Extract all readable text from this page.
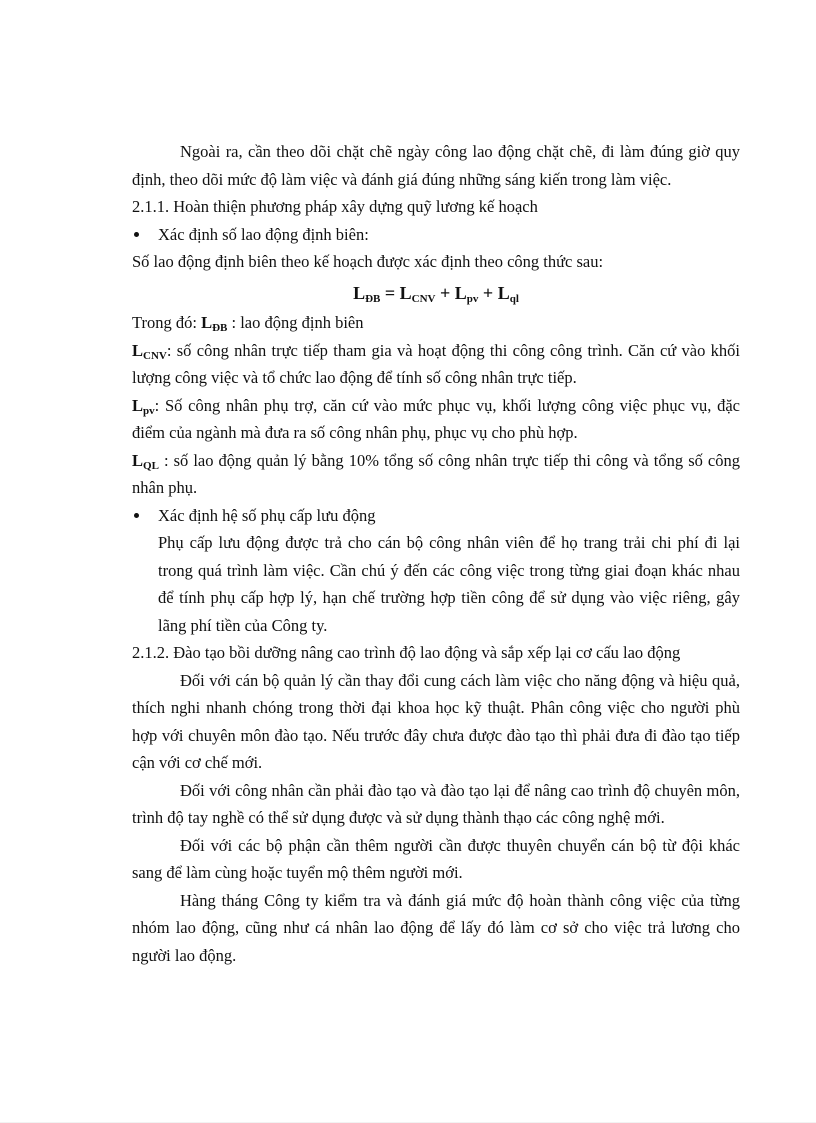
Ngoài ra, cần theo dõi chặt chẽ ngày công lao động chặt chẽ, đi làm đúng giờ quy định, theo dõi mức độ làm việc và đánh giá đúng những sáng kiến trong làm việc.

2.1.1. Hoàn thiện phương pháp xây dựng quỹ lương kế hoạch

Xác định số lao động định biên:

Số lao động định biên theo kế hoạch được xác định theo công thức sau:

$L_{ĐB} = L_{CNV} + L_{pv} + L_{ql}$

Trong đó: $L_{ĐB}$ : lao động định biên

$L_{CNV}$: số công nhân trực tiếp tham gia và hoạt động thi công công trình. Căn cứ vào khối lượng công việc và tổ chức lao động để tính số công nhân trực tiếp.

$L_{pv}$: Số công nhân phụ trợ, căn cứ vào mức phục vụ, khối lượng công việc phục vụ, đặc điểm của ngành mà đưa ra số công nhân phụ, phục vụ cho phù hợp.

$L_{QL}$ : số lao động quản lý bằng 10% tổng số công nhân trực tiếp thi công và tổng số công nhân phụ.

Xác định hệ số phụ cấp lưu động

Phụ cấp lưu động được trả cho cán bộ công nhân viên để họ trang trải chi phí đi lại trong quá trình làm việc. Cần chú ý đến các công việc trong từng giai đoạn khác nhau để tính phụ cấp hợp lý, hạn chế trường hợp tiền công để sử dụng vào việc riêng, gây lãng phí tiền của Công ty.

2.1.2. Đào tạo bồi dưỡng nâng cao trình độ lao động và sắp xếp lại cơ cấu lao động

Đối với cán bộ quản lý cần thay đổi cung cách làm việc cho năng động và hiệu quả, thích nghi nhanh chóng trong thời đại khoa học kỹ thuật. Phân công việc cho người phù hợp với chuyên môn đào tạo. Nếu trước đây chưa được đào tạo thì phải đưa đi đào tạo tiếp cận với cơ chế mới.

Đối với công nhân cần phải đào tạo và đào tạo lại để nâng cao trình độ chuyên môn, trình độ tay nghề có thể sử dụng được và sử dụng thành thạo các công nghệ mới.

Đối với các bộ phận cần thêm người cần được thuyên chuyển cán bộ từ đội khác sang để làm cùng hoặc tuyển mộ thêm người mới.

Hàng tháng Công ty kiểm tra và đánh giá mức độ hoàn thành công việc của từng nhóm lao động, cũng như cá nhân lao động để lấy đó làm cơ sở cho việc trả lương cho người lao động.
